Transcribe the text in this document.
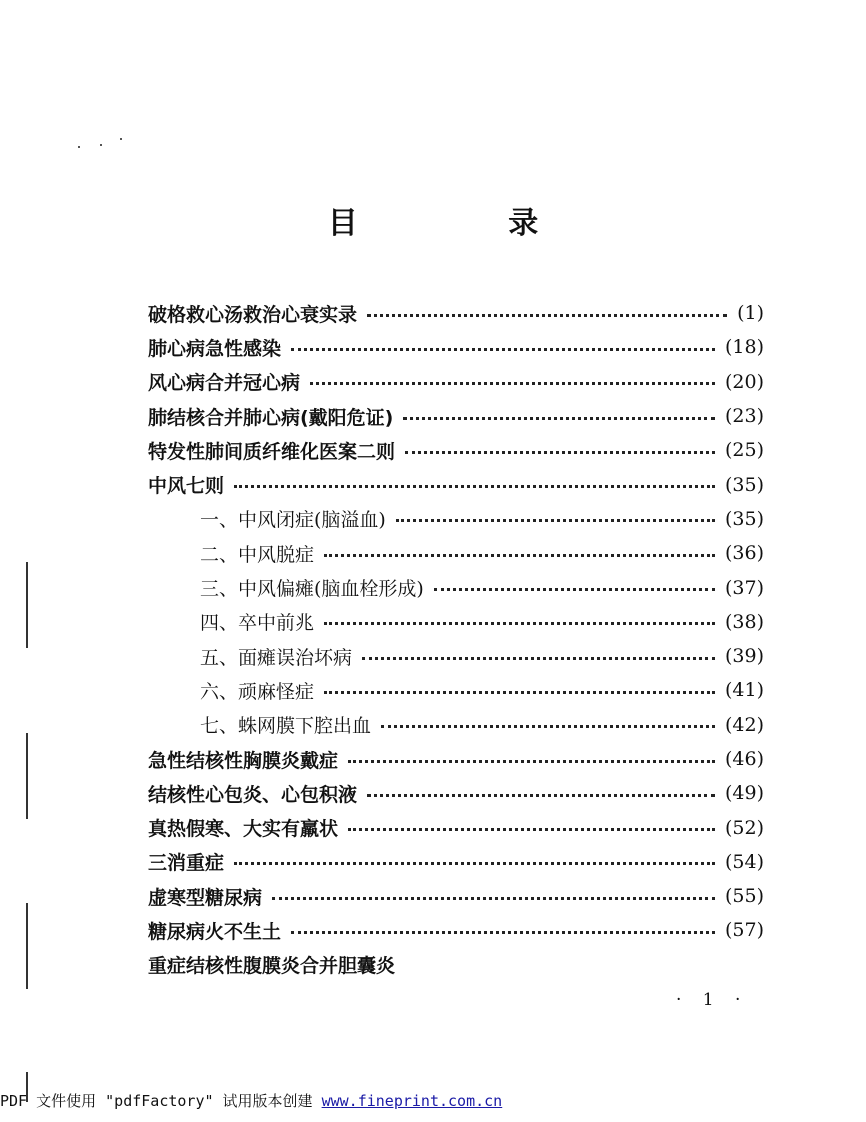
目 录
破格救心汤救治心衰实录	(1)
肺心病急性感染	(18)
风心病合并冠心病	(20)
肺结核合并肺心病(戴阳危证)	(23)
特发性肺间质纤维化医案二则	(25)
中风七则	(35)
一、中风闭症(脑溢血)	(35)
二、中风脱症	(36)
三、中风偏瘫(脑血栓形成)	(37)
四、卒中前兆	(38)
五、面瘫误治坏病	(39)
六、顽麻怪症	(41)
七、蛛网膜下腔出血	(42)
急性结核性胸膜炎戴症	(46)
结核性心包炎、心包积液	(49)
真热假寒、大实有羸状	(52)
三消重症	(54)
虚寒型糖尿病	(55)
糖尿病火不生土	(57)
重症结核性腹膜炎合并胆囊炎
· 1 ·
PDF 文件使用 "pdfFactory" 试用版本创建 www.fineprint.com.cn
